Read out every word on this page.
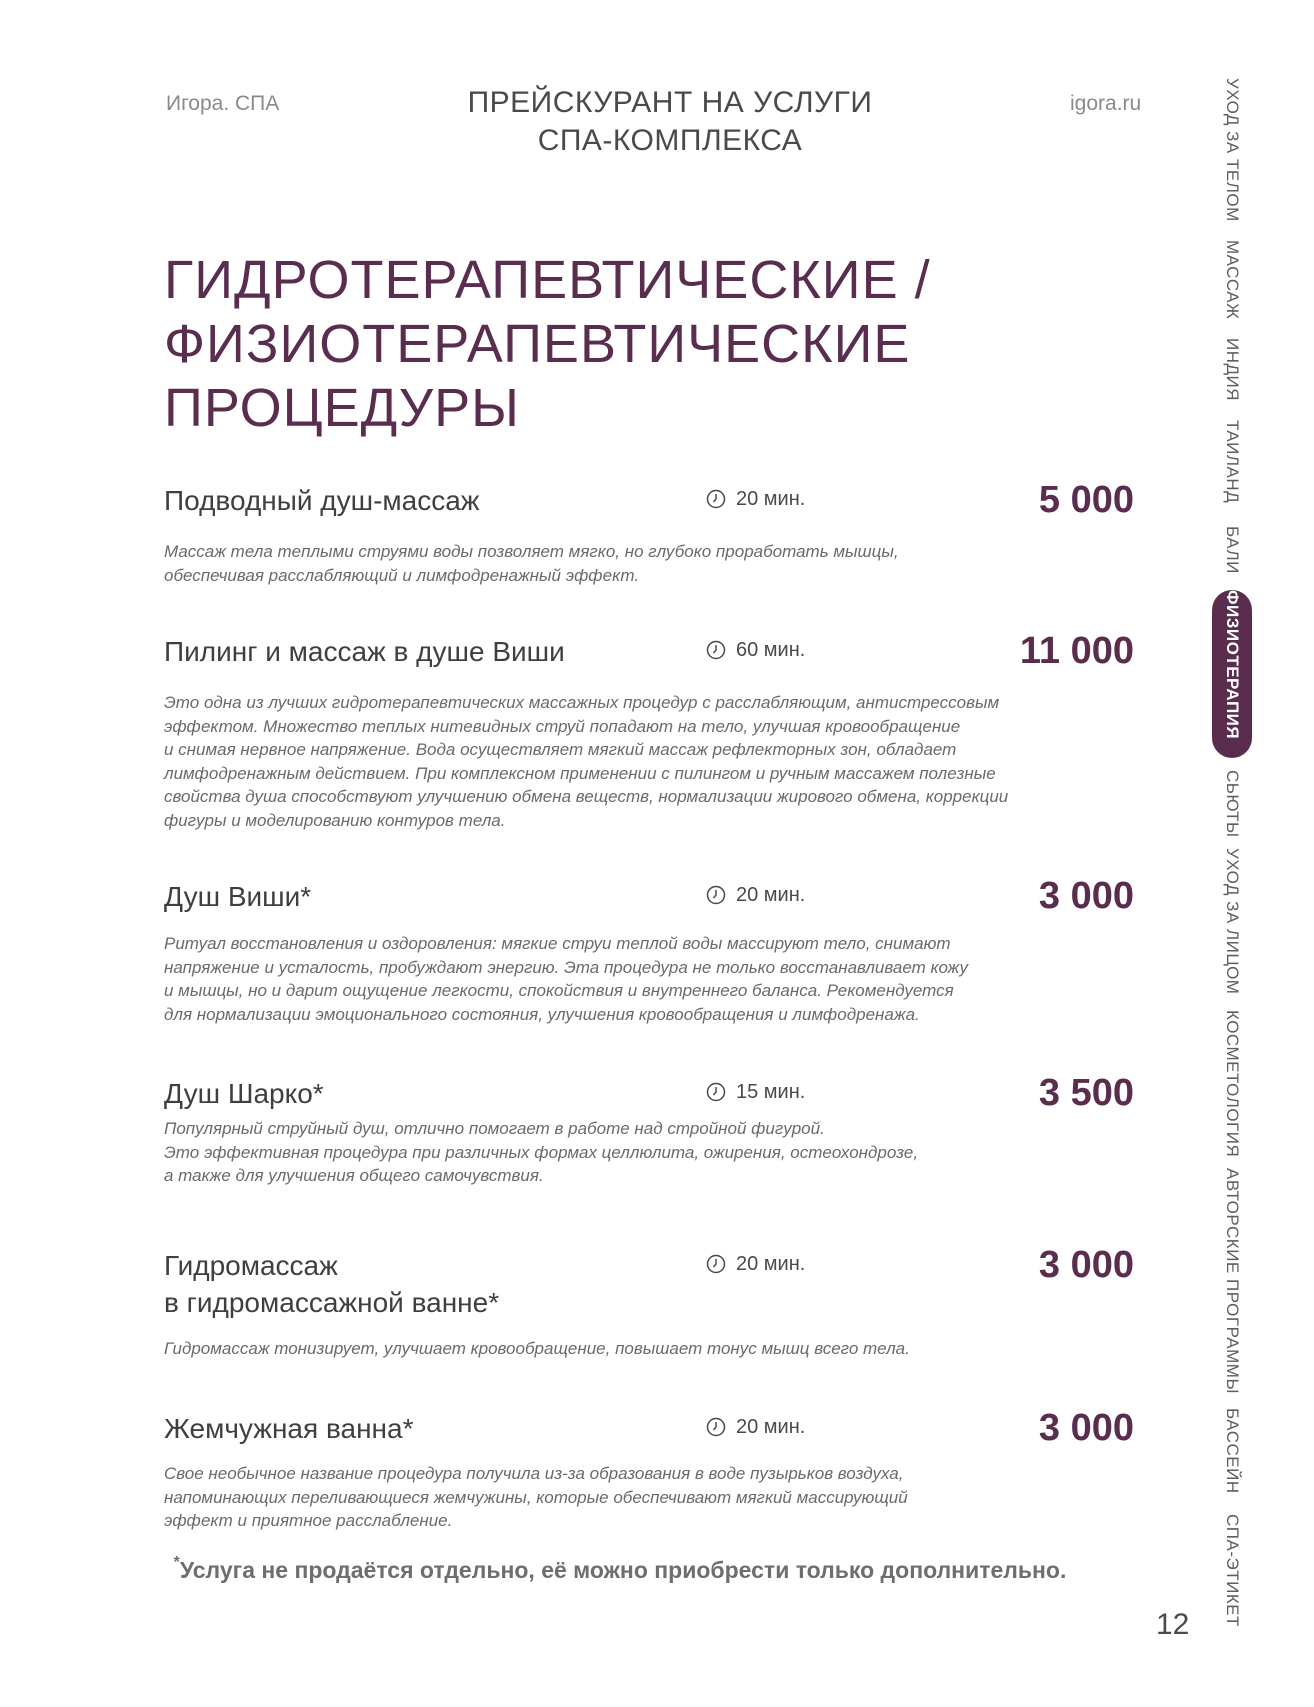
Игора. СПА	ПРЕЙСКУРАНТ НА УСЛУГИ
СПА-КОМПЛЕКСА
igora.ru
ГИДРОТЕРАПЕВТИЧЕСКИЕ /
ФИЗИОТЕРАПЕВТИЧЕСКИЕ
ПРОЦЕДУРЫ
Подводный душ-массаж	20 мин.	5 000
Массаж тела теплыми струями воды позволяет мягко, но глубоко проработать мышцы,
обеспечивая расслабляющий и лимфодренажный эффект.
Пилинг и массаж в душе Виши	60 мин.	11 000
Это одна из лучших гидротерапевтических массажных процедур с расслабляющим, антистрессовым
эффектом. Множество теплых нитевидных струй попадают на тело, улучшая кровообращение
и снимая нервное напряжение. Вода осуществляет мягкий массаж рефлекторных зон, обладает
лимфодренажным действием. При комплексном применении с пилингом и ручным массажем полезные
свойства душа способствуют улучшению обмена веществ, нормализации жирового обмена, коррекции
фигуры и моделированию контуров тела.
Душ Виши*	20 мин.	3 000
Ритуал восстановления и оздоровления: мягкие струи теплой воды массируют тело, снимают
напряжение и усталость, пробуждают энергию. Эта процедура не только восстанавливает кожу
и мышцы, но и дарит ощущение легкости, спокойствия и внутреннего баланса. Рекомендуется
для нормализации эмоционального состояния, улучшения кровообращения и лимфодренажа.
Душ Шарко*	15 мин.	3 500
Популярный струйный душ, отлично помогает в работе над стройной фигурой.
Это эффективная процедура при различных формах целлюлита, ожирения, остеохондрозе,
а также для улучшения общего самочувствия.
Гидромассаж
в гидромассажной ванне*
20 мин.	3 000
Гидромассаж тонизирует, улучшает кровообращение, повышает тонус мышц всего тела.
Жемчужная ванна*	20 мин.	3 000
Свое необычное название процедура получила из-за образования в воде пузырьков воздуха,
напоминающих переливающиеся жемчужины, которые обеспечивают мягкий массирующий
эффект и приятное расслабление.
*Услуга не продаётся отдельно, её можно приобрести только дополнительно.
12
УХОД ЗА ТЕЛОМ
МАССАЖ
ИНДИЯ
ТАИЛАНД
БАЛИ
ФИЗИОТЕРАПИЯ
СЬЮТЫ
УХОД ЗА ЛИЦОМ
КОСМЕТОЛОГИЯ
АВТОРСКИЕ ПРОГРАММЫ
БАССЕЙН
СПА-ЭТИКЕТ
